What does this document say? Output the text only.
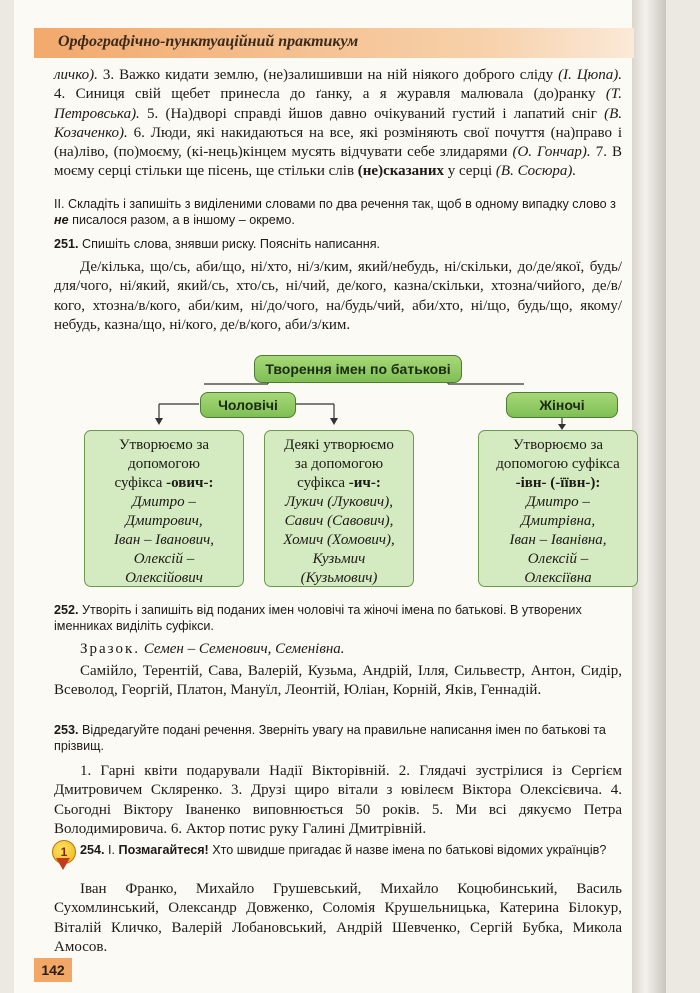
Орфографічно-пунктуаційний практикум
личко). 3. Важко кидати землю, (не)залишивши на ній ніякого доброго сліду (І. Цюпа). 4. Синиця свій щебет принесла до ґанку, а я журавля малювала (до)ранку (Т. Петровська). 5. (На)дворі справді йшов давно очікуваний густий і лапатий сніг (В. Козаченко). 6. Люди, які накидаються на все, які розміняють свої почуття (на)право і (на)ліво, (по)моєму, (кі-нець)кінцем мусять відчувати себе злидарями (О. Гончар). 7. В моєму серці стільки ще пісень, ще стільки слів (не)сказаних у серці (В. Сосюра).
II. Складіть і запишіть з виділеними словами по два речення так, щоб в одному випадку слово з не писалося разом, а в іншому – окремо.
251. Спишіть слова, знявши риску. Поясніть написання.
Де/кілька, що/сь, аби/що, ні/хто, ні/з/ким, який/небудь, ні/скільки, до/де/якої, будь/для/чого, ні/який, який/сь, хто/сь, ні/чий, де/кого, казна/скільки, хтозна/чийого, де/в/кого, хтозна/в/кого, аби/ким, ні/до/чого, на/будь/чий, аби/хто, ні/що, будь/що, якому/небудь, казна/що, ні/кого, де/в/кого, аби/з/ким.
Творення імен по батькові
Чоловічі	Жіночі
Утворюємо за
допомогою
суфікса -ович-:
Дмитро –
Дмитрович,
Іван – Іванович,
Олексій –
Олексійович
Деякі утворюємо
за допомогою
суфікса -ич-:
Лукич (Лукович),
Савич (Савович),
Хомич (Хомович),
Кузьмич
(Кузьмович)
Утворюємо за
допомогою суфікса
-івн- (-їївн-):
Дмитро –
Дмитрівна,
Іван – Іванівна,
Олексій –
Олексіївна
252. Утворіть і запишіть від поданих імен чоловічі та жіночі імена по батькові. В утворених іменниках виділіть суфікси.
Зразок. Семен – Семенович, Семенівна.
Самійло, Терентій, Сава, Валерій, Кузьма, Андрій, Ілля, Сильвестр, Антон, Сидір, Всеволод, Георгій, Платон, Мануїл, Леонтій, Юліан, Корній, Яків, Геннадій.
253. Відредагуйте подані речення. Зверніть увагу на правильне написання імен по батькові та прізвищ.
1. Гарні квіти подарували Надії Вікторівній. 2. Глядачі зустрілися із Сергієм Дмитровичем Скляренко. 3. Друзі щиро вітали з ювілеєм Віктора Олексієвича. 4. Сьогодні Віктору Іваненко виповнюється 50 років. 5. Ми всі дякуємо Петра Володимировича. 6. Актор потис руку Галині Дмитрівній.
1	254. І. Позмагайтеся! Хто швидше пригадає й назве імена по батькові відомих українців?
Іван Франко, Михайло Грушевський, Михайло Коцюбинський, Василь Сухомлинський, Олександр Довженко, Соломія Крушельницька, Катерина Білокур, Віталій Кличко, Валерій Лобановський, Андрій Шевченко, Сергій Бубка, Микола Амосов.
142
